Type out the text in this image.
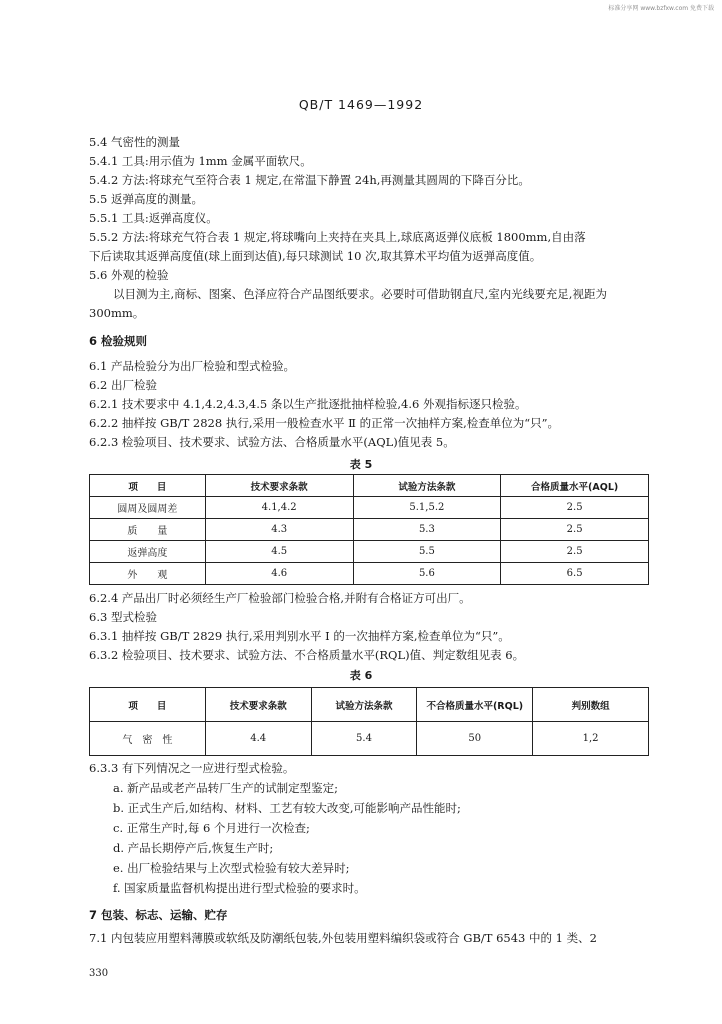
标准分享网 www.bzfxw.com 免费下载
QB/T 1469—1992
5.4 气密性的测量
5.4.1 工具:用示值为 1mm 金属平面软尺。
5.4.2 方法:将球充气至符合表 1 规定,在常温下静置 24h,再测量其圆周的下降百分比。
5.5 返弹高度的测量。
5.5.1 工具:返弹高度仪。
5.5.2 方法:将球充气符合表 1 规定,将球嘴向上夹持在夹具上,球底离返弹仪底板 1800mm,自由落
下后读取其返弹高度值(球上面到达值),每只球测试 10 次,取其算术平均值为返弹高度值。
5.6 外观的检验
以目测为主,商标、图案、色泽应符合产品图纸要求。必要时可借助钢直尺,室内光线要充足,视距为
300mm。
6 检验规则
6.1 产品检验分为出厂检验和型式检验。
6.2 出厂检验
6.2.1 技术要求中 4.1,4.2,4.3,4.5 条以生产批逐批抽样检验,4.6 外观指标逐只检验。
6.2.2 抽样按 GB/T 2828 执行,采用一般检查水平 Ⅱ 的正常一次抽样方案,检查单位为“只”。
6.2.3 检验项目、技术要求、试验方法、合格质量水平(AQL)值见表 5。
表 5
项　　目	技术要求条款	试验方法条款	合格质量水平(AQL)
圆周及圆周差	4.1,4.2	5.1,5.2	2.5
质　　量	4.3	5.3	2.5
返弹高度	4.5	5.5	2.5
外　　观	4.6	5.6	6.5
6.2.4 产品出厂时必须经生产厂检验部门检验合格,并附有合格证方可出厂。
6.3 型式检验
6.3.1 抽样按 GB/T 2829 执行,采用判别水平 Ⅰ 的一次抽样方案,检查单位为“只”。
6.3.2 检验项目、技术要求、试验方法、不合格质量水平(RQL)值、判定数组见表 6。
表 6
项　　目	技术要求条款	试验方法条款	不合格质量水平(RQL)	判别数组
气　密　性	4.4	5.4	50	1,2
6.3.3 有下列情况之一应进行型式检验。
a. 新产品或老产品转厂生产的试制定型鉴定;
b. 正式生产后,如结构、材料、工艺有较大改变,可能影响产品性能时;
c. 正常生产时,每 6 个月进行一次检查;
d. 产品长期停产后,恢复生产时;
e. 出厂检验结果与上次型式检验有较大差异时;
f. 国家质量监督机构提出进行型式检验的要求时。
7 包装、标志、运输、贮存
7.1 内包装应用塑料薄膜或软纸及防潮纸包装,外包装用塑料编织袋或符合 GB/T 6543 中的 1 类、2
330
